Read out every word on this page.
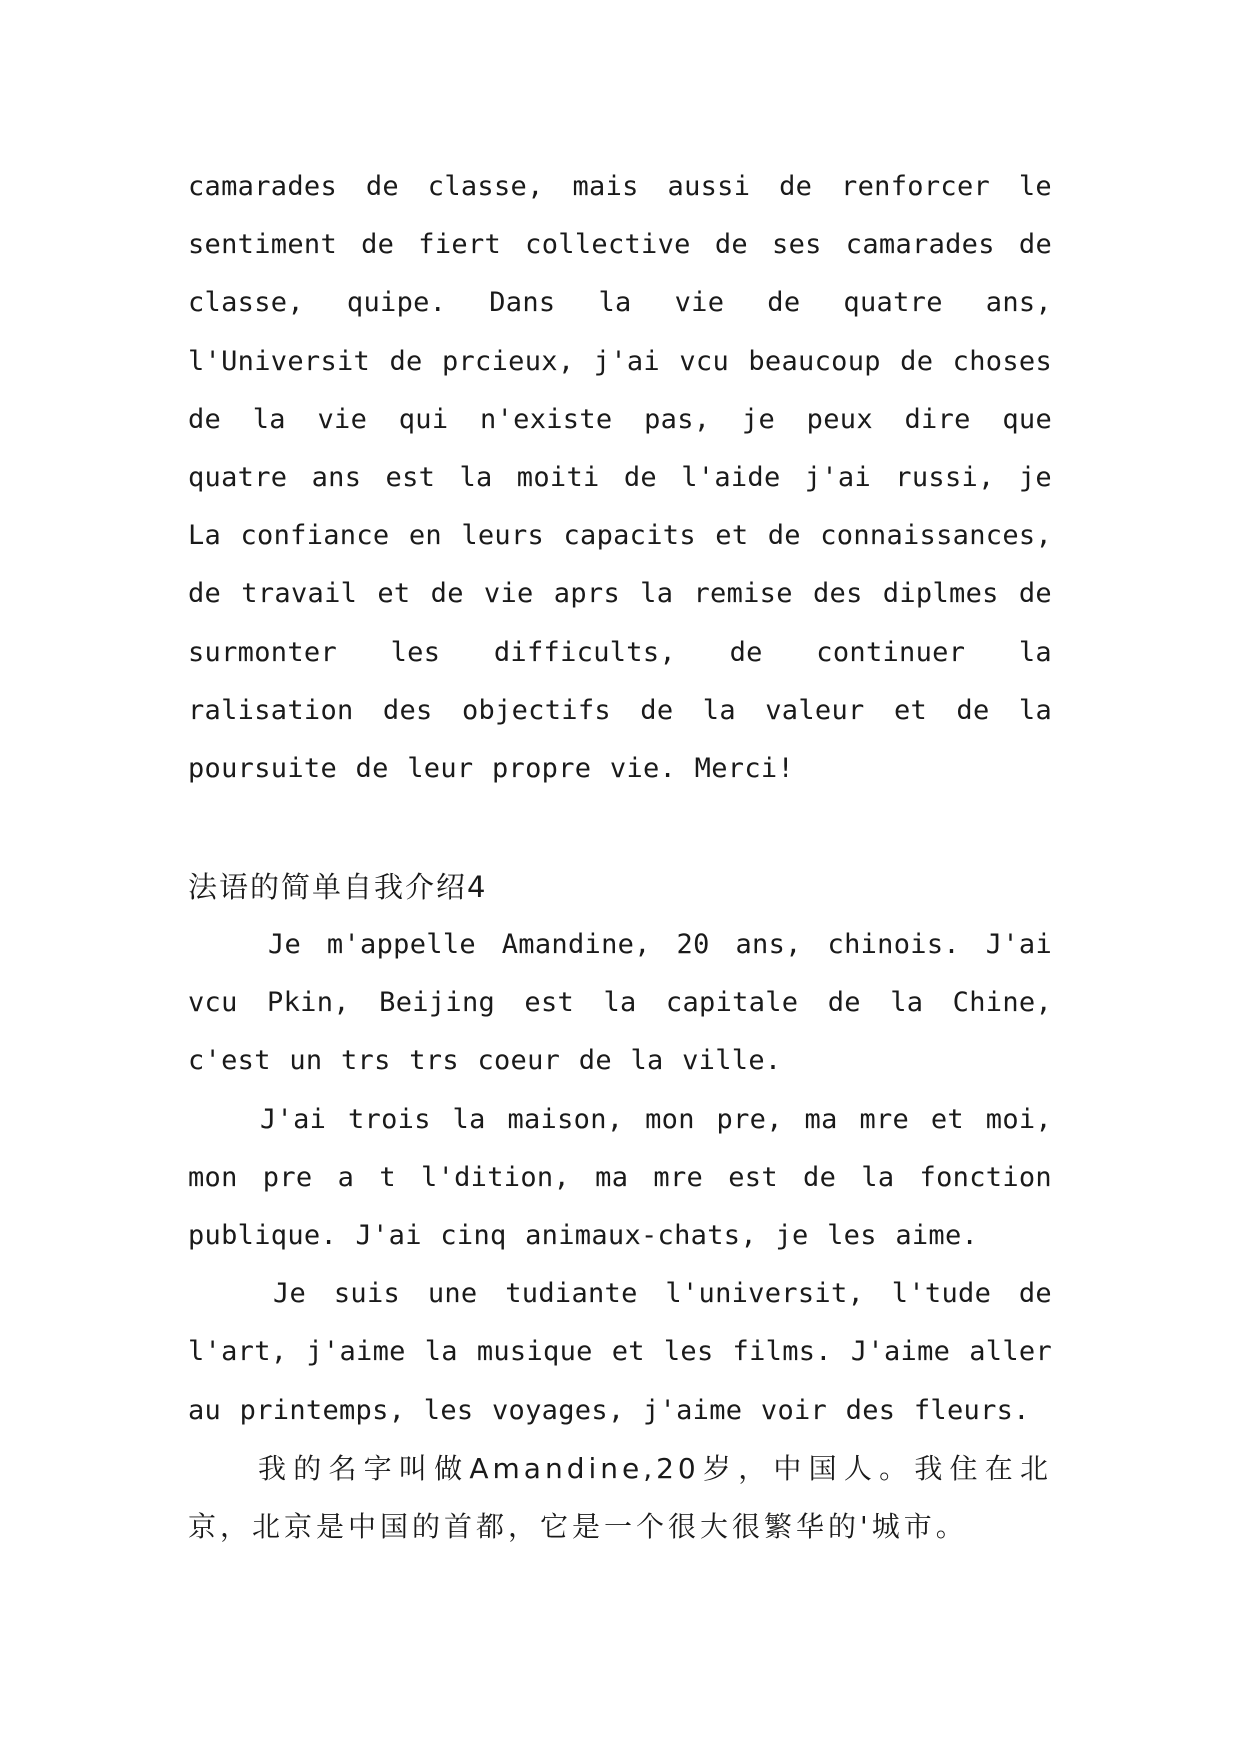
camarades de classe, mais aussi de renforcer le sentiment de fiert collective de ses camarades de classe, quipe. Dans la vie de quatre ans, l'Universit de prcieux, j'ai vcu beaucoup de choses de la vie qui n'existe pas, je peux dire que quatre ans est la moiti de l'aide j'ai russi, je La confiance en leurs capacits et de connaissances, de travail et de vie aprs la remise des diplmes de surmonter les difficults, de continuer la ralisation des objectifs de la valeur et de la poursuite de leur propre vie. Merci!

法语的简单自我介绍4

Je m'appelle Amandine, 20 ans, chinois. J'ai vcu Pkin, Beijing est la capitale de la Chine, c'est un trs trs coeur de la ville.

J'ai trois la maison, mon pre, ma mre et moi, mon pre a t l'dition, ma mre est de la fonction publique. J'ai cinq animaux-chats, je les aime.

Je suis une tudiante l'universit, l'tude de l'art, j'aime la musique et les films. J'aime aller au printemps, les voyages, j'aime voir des fleurs.

我的名字叫做Amandine,20岁，中国人。我住在北京，北京是中国的首都，它是一个很大很繁华的'城市。
